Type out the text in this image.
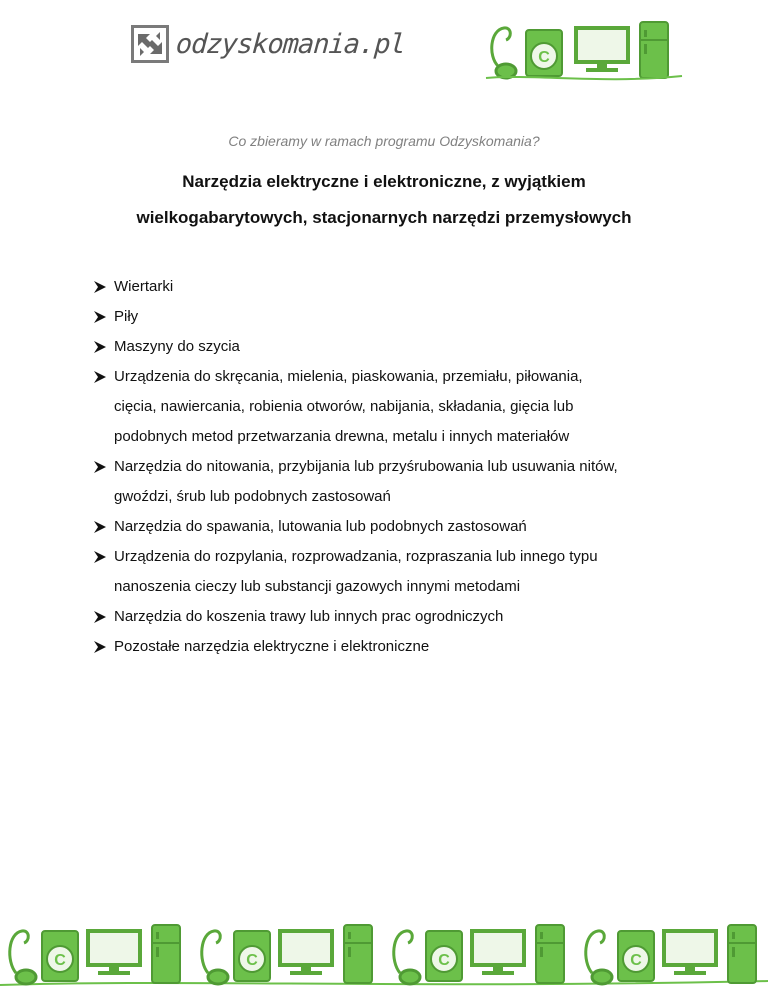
odzyskomania.pl	C
Co zbieramy w ramach programu Odzyskomania?
Narzędzia elektryczne i elektroniczne, z wyjątkiem
wielkogabarytowych, stacjonarnych narzędzi przemysłowych
Wiertarki
Piły
Maszyny do szycia
Urządzenia do skręcania, mielenia, piaskowania, przemiału, piłowania,
cięcia, nawiercania, robienia otworów, nabijania, składania, gięcia lub
podobnych metod przetwarzania drewna, metalu i innych materiałów
Narzędzia do nitowania, przybijania lub przyśrubowania lub usuwania nitów,
gwoździ, śrub lub podobnych zastosowań
Narzędzia do spawania, lutowania lub podobnych zastosowań
Urządzenia do rozpylania, rozprowadzania, rozpraszania lub innego typu
nanoszenia cieczy lub substancji gazowych innymi metodami
Narzędzia do koszenia trawy lub innych prac ogrodniczych
Pozostałe narzędzia elektryczne i elektroniczne
C	C	C	C
